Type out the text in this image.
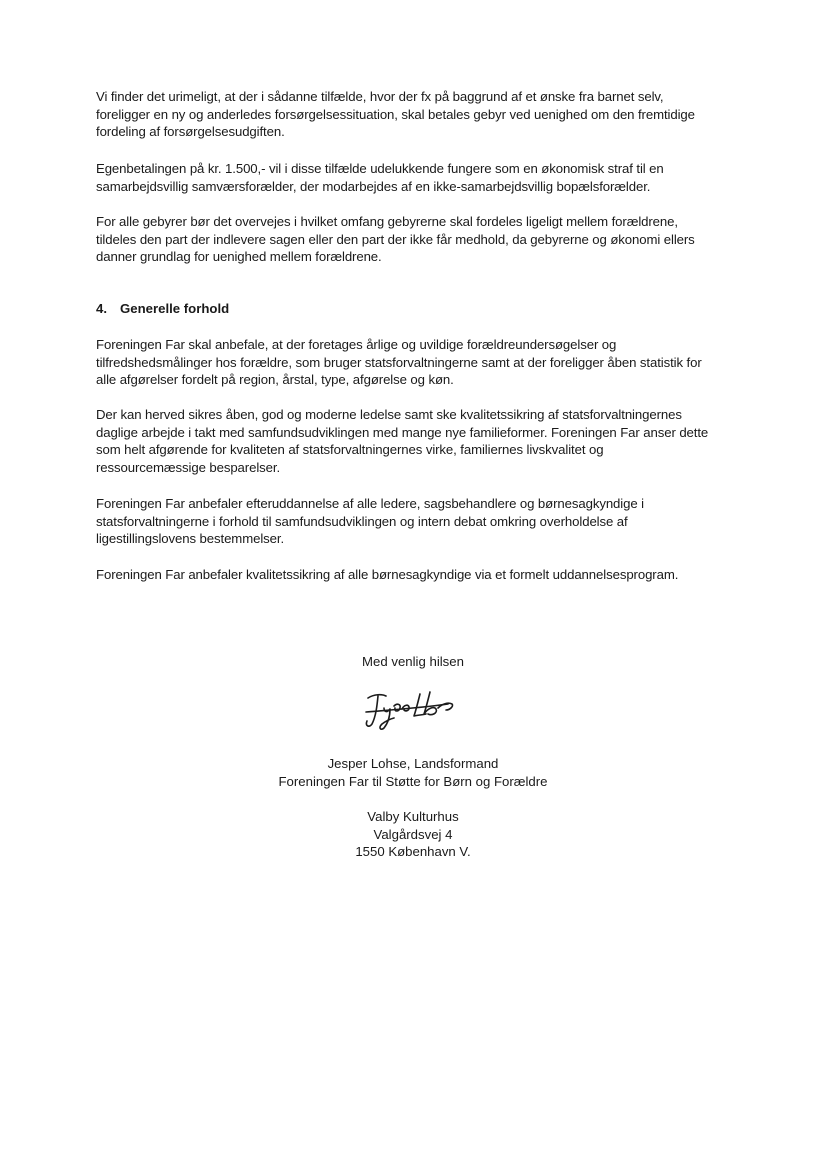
Vi finder det urimeligt, at der i sådanne tilfælde, hvor der fx på baggrund af et ønske fra barnet selv,
foreligger en ny og anderledes forsørgelsessituation, skal betales gebyr ved uenighed om den fremtidige
fordeling af forsørgelsesudgiften.

Egenbetalingen på kr. 1.500,- vil i disse tilfælde udelukkende fungere som en økonomisk straf til en
samarbejdsvillig samværsforælder, der modarbejdes af en ikke-samarbejdsvillig bopælsforælder.

For alle gebyrer bør det overvejes i hvilket omfang gebyrerne skal fordeles ligeligt mellem forældrene,
tildeles den part der indlevere sagen eller den part der ikke får medhold, da gebyrerne og økonomi ellers
danner grundlag for uenighed mellem forældrene.

4. Generelle forhold

Foreningen Far skal anbefale, at der foretages årlige og uvildige forældreundersøgelser og
tilfredshedsmålinger hos forældre, som bruger statsforvaltningerne samt at der foreligger åben statistik for
alle afgørelser fordelt på region, årstal, type, afgørelse og køn.

Der kan herved sikres åben, god og moderne ledelse samt ske kvalitetssikring af statsforvaltningernes
daglige arbejde i takt med samfundsudviklingen med mange nye familieformer. Foreningen Far anser dette
som helt afgørende for kvaliteten af statsforvaltningernes virke, familiernes livskvalitet og
ressourcemæssige besparelser.

Foreningen Far anbefaler efteruddannelse af alle ledere, sagsbehandlere og børnesagkyndige i
statsforvaltningerne i forhold til samfundsudviklingen og intern debat omkring overholdelse af
ligestillingslovens bestemmelser.

Foreningen Far anbefaler kvalitetssikring af alle børnesagkyndige via et formelt uddannelsesprogram.

Med venlig hilsen

Jesper Lohse, Landsformand
Foreningen Far til Støtte for Børn og Forældre

Valby Kulturhus
Valgårdsvej 4
1550 København V.
